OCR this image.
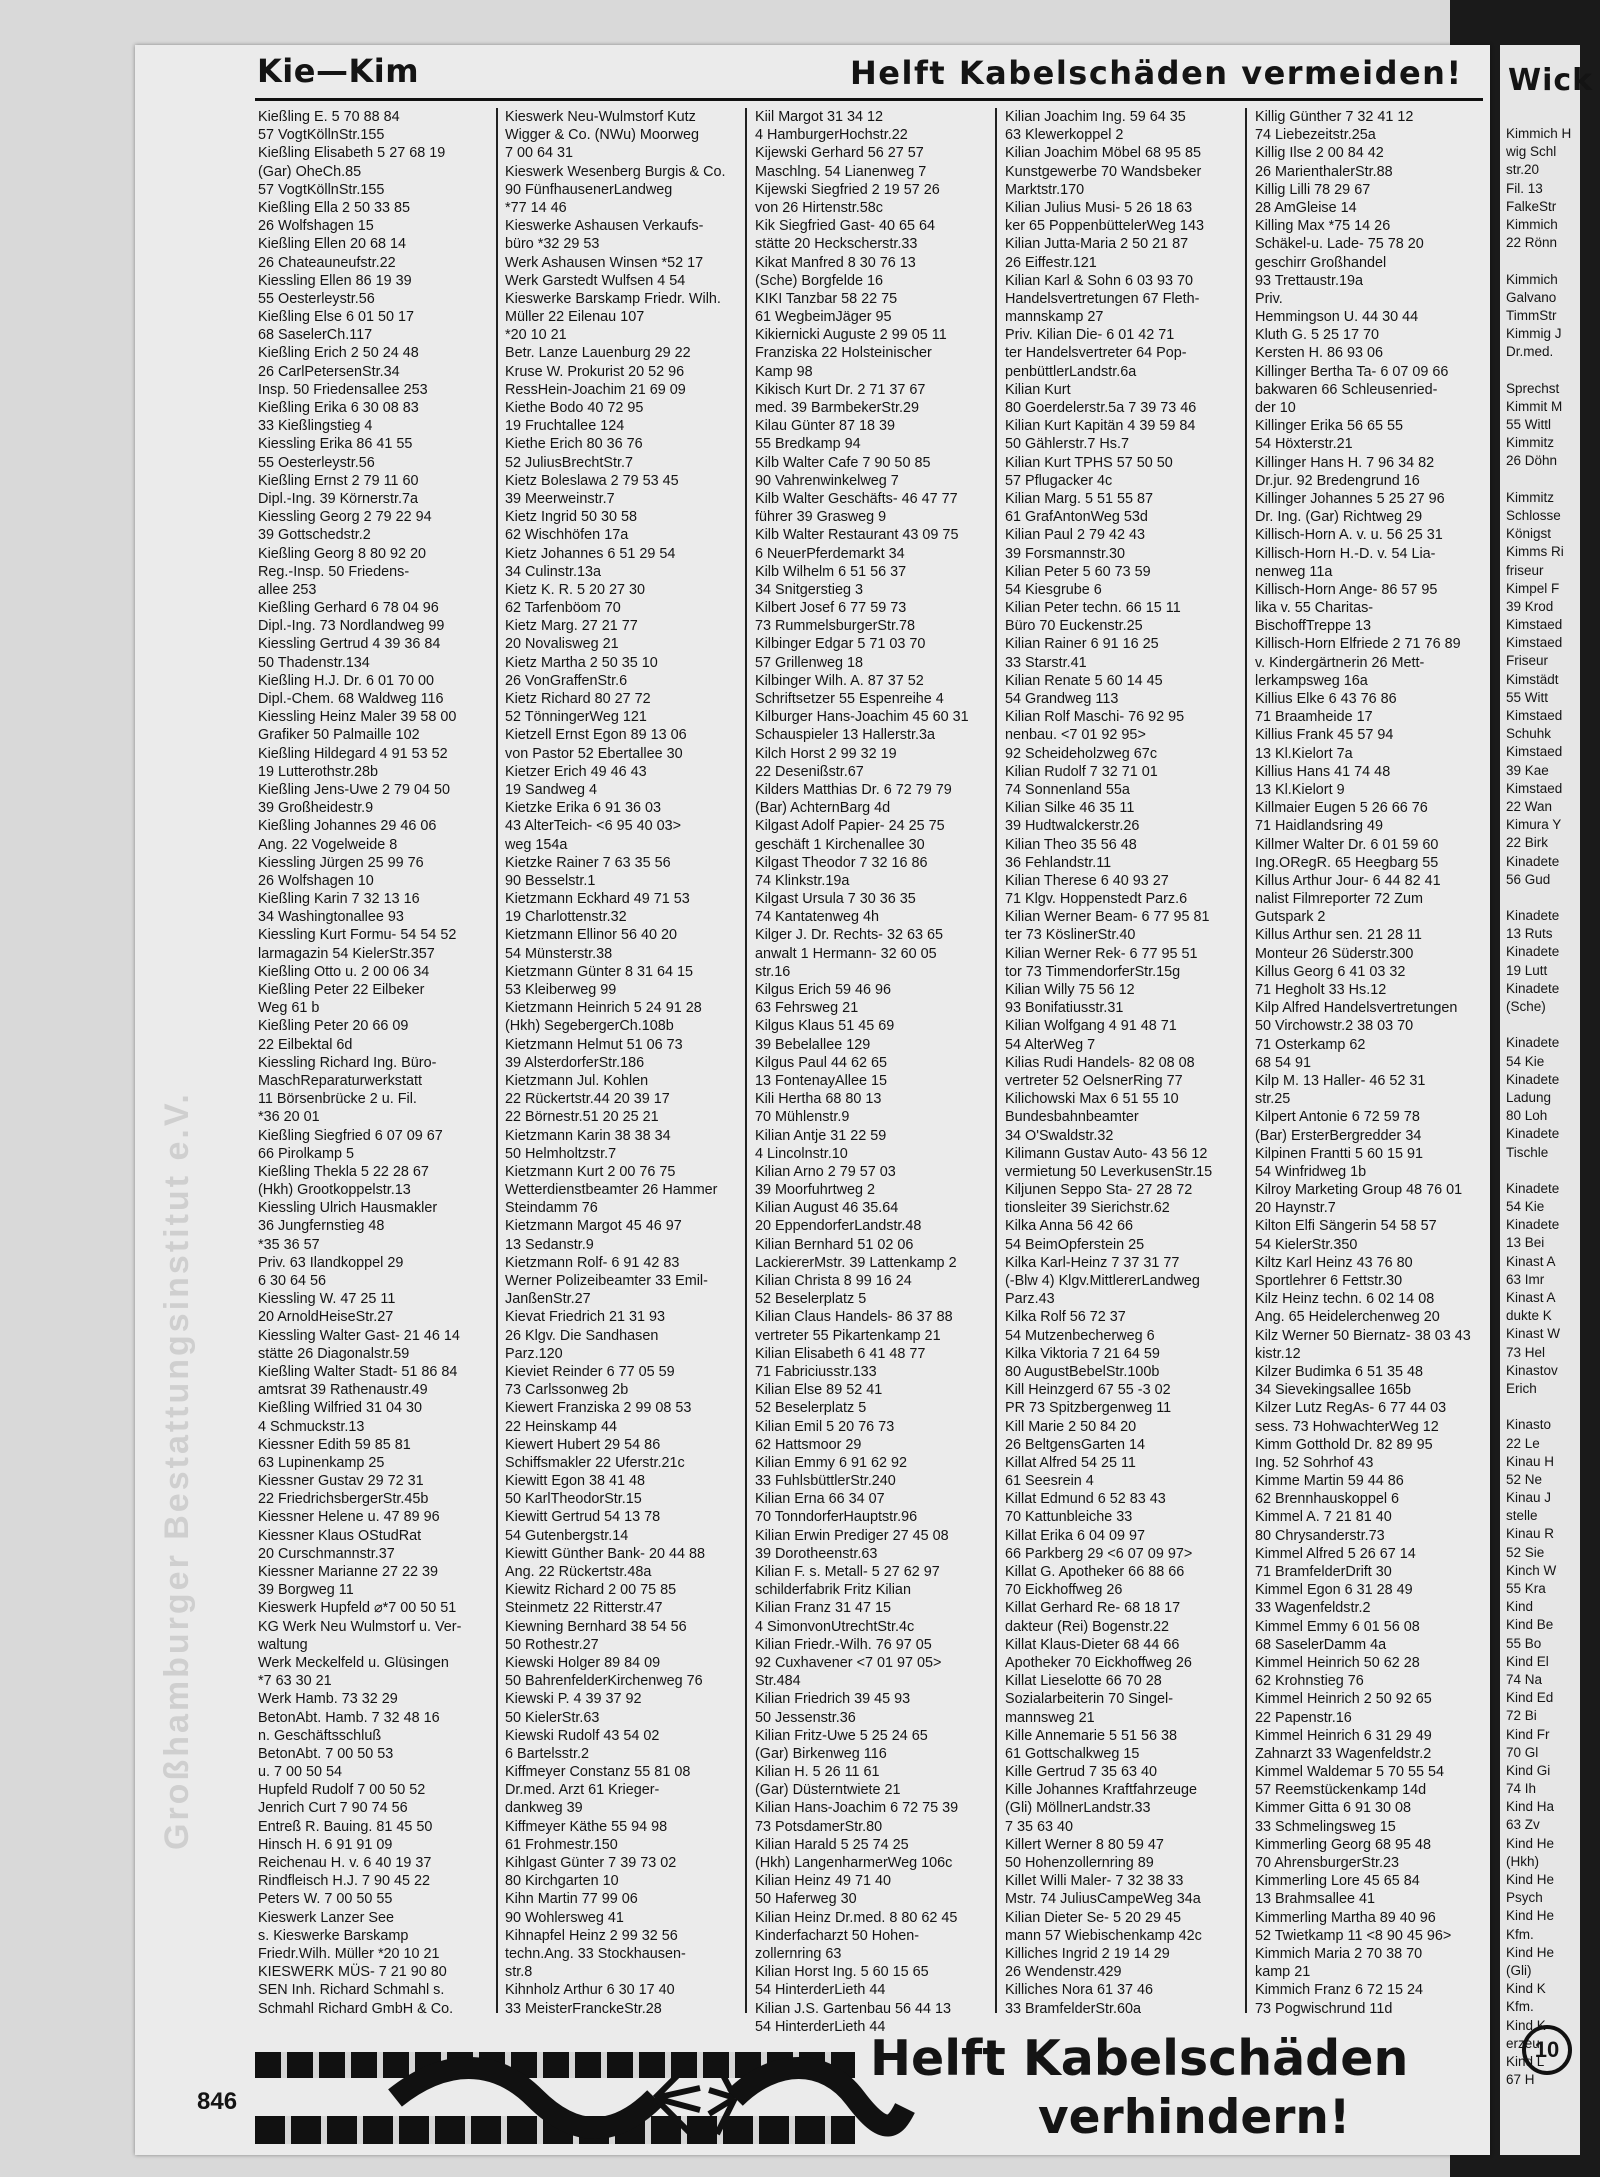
Wick
Kimmich H
wig Schl
str.20
Fil. 13
FalkeStr
Kimmich
22 Rönn
Kimmich
Galvano
TimmStr
Kimmig J
Dr.med.
Sprechst
Kimmit M
55 Wittl
Kimmitz
26 Döhn
Kimmitz
Schlosse
Königst
Kimms Ri
friseur
Kimpel F
39 Krod
Kimstaed
Kimstaed
Friseur
Kimstädt
55 Witt
Kimstaed
Schuhk
Kimstaed
39 Kae
Kimstaed
22 Wan
Kimura Y
22 Birk
Kinadete
56 Gud
Kinadete
13 Ruts
Kinadete
19 Lutt
Kinadete
(Sche)
Kinadete
54 Kie
Kinadete
Ladung
80 Loh
Kinadete
Tischle
Kinadete
54 Kie
Kinadete
13 Bei
Kinast A
63 Imr
Kinast A
dukte K
Kinast W
73 Hel
Kinastov
Erich
Kinasto
22 Le
Kinau H
52 Ne
Kinau J
stelle
Kinau R
52 Sie
Kinch W
55 Kra
Kind
Kind Be
55 Bo
Kind El
74 Na
Kind Ed
72 Bi
Kind Fr
70 Gl
Kind Gi
74 Ih
Kind Ha
63 Zv
Kind He
(Hkh)
Kind He
Psych
Kind He
Kfm.
Kind He
(Gli)
Kind K
Kfm.
Kind K
erzeu
Kind L
67 H
10
Kie—Kim	Helft Kabelschäden vermeiden!
Großhamburger Bestattungsinstitut e.V.
Kießling E. 5 70 88 84
57 VogtKöllnStr.155
Kießling Elisabeth 5 27 68 19
(Gar) OheCh.85
57 VogtKöllnStr.155
Kießling Ella 2 50 33 85
26 Wolfshagen 15
Kießling Ellen 20 68 14
26 Chateauneufstr.22
Kiessling Ellen 86 19 39
55 Oesterleystr.56
Kießling Else 6 01 50 17
68 SaselerCh.117
Kießling Erich 2 50 24 48
26 CarlPetersenStr.34
Insp. 50 Friedensallee 253
Kießling Erika 6 30 08 83
33 Kießlingstieg 4
Kiessling Erika 86 41 55
55 Oesterleystr.56
Kießling Ernst 2 79 11 60
Dipl.-Ing. 39 Körnerstr.7a
Kiessling Georg 2 79 22 94
39 Gottschedstr.2
Kießling Georg 8 80 92 20
Reg.-Insp. 50 Friedens-
allee 253
Kießling Gerhard 6 78 04 96
Dipl.-Ing. 73 Nordlandweg 99
Kiessling Gertrud 4 39 36 84
50 Thadenstr.134
Kießling H.J. Dr. 6 01 70 00
Dipl.-Chem. 68 Waldweg 116
Kiessling Heinz Maler 39 58 00
Grafiker 50 Palmaille 102
Kießling Hildegard 4 91 53 52
19 Lutterothstr.28b
Kießling Jens-Uwe 2 79 04 50
39 Großheidestr.9
Kießling Johannes 29 46 06
Ang. 22 Vogelweide 8
Kiessling Jürgen 25 99 76
26 Wolfshagen 10
Kießling Karin 7 32 13 16
34 Washingtonallee 93
Kiessling Kurt Formu- 54 54 52
larmagazin 54 KielerStr.357
Kießling Otto u. 2 00 06 34
Kießling Peter 22 Eilbeker
Weg 61 b
Kießling Peter 20 66 09
22 Eilbektal 6d
Kiessling Richard Ing. Büro-
MaschReparaturwerkstatt
11 Börsenbrücke 2 u. Fil.
*36 20 01
Kießling Siegfried 6 07 09 67
66 Pirolkamp 5
Kießling Thekla 5 22 28 67
(Hkh) Grootkoppelstr.13
Kiessling Ulrich Hausmakler
36 Jungfernstieg 48
*35 36 57
Priv. 63 Ilandkoppel 29
6 30 64 56
Kiessling W. 47 25 11
20 ArnoldHeiseStr.27
Kiessling Walter Gast- 21 46 14
stätte 26 Diagonalstr.59
Kießling Walter Stadt- 51 86 84
amtsrat 39 Rathenaustr.49
Kießling Wilfried 31 04 30
4 Schmuckstr.13
Kiessner Edith 59 85 81
63 Lupinenkamp 25
Kiessner Gustav 29 72 31
22 FriedrichsbergerStr.45b
Kiessner Helene u. 47 89 96
Kiessner Klaus OStudRat
20 Curschmannstr.37
Kiessner Marianne 27 22 39
39 Borgweg 11
Kieswerk Hupfeld ⌀*7 00 50 51
KG Werk Neu Wulmstorf u. Ver-
waltung
Werk Meckelfeld u. Glüsingen
*7 63 30 21
Werk Hamb. 73 32 29
BetonAbt. Hamb. 7 32 48 16
n. Geschäftsschluß
BetonAbt. 7 00 50 53
u. 7 00 50 54
Hupfeld Rudolf 7 00 50 52
Jenrich Curt 7 90 74 56
Entreß R. Bauing. 81 45 50
Hinsch H. 6 91 91 09
Reichenau H. v. 6 40 19 37
Rindfleisch H.J. 7 90 45 22
Peters W. 7 00 50 55
Kieswerk Lanzer See
s. Kieswerke Barskamp
Friedr.Wilh. Müller *20 10 21
KIESWERK MÜS- 7 21 90 80
SEN Inh. Richard Schmahl s.
Schmahl Richard GmbH & Co.
Kieswerk Neu-Wulmstorf Kutz
Wigger & Co. (NWu) Moorweg
7 00 64 31
Kieswerk Wesenberg Burgis & Co.
90 FünfhausenerLandweg
*77 14 46
Kieswerke Ashausen Verkaufs-
büro *32 29 53
Werk Ashausen Winsen *52 17
Werk Garstedt Wulfsen 4 54
Kieswerke Barskamp Friedr. Wilh.
Müller 22 Eilenau 107
*20 10 21
Betr. Lanze Lauenburg 29 22
Kruse W. Prokurist 20 52 96
RessHein-Joachim 21 69 09
Kiethe Bodo 40 72 95
19 Fruchtallee 124
Kiethe Erich 80 36 76
52 JuliusBrechtStr.7
Kietz Boleslawa 2 79 53 45
39 Meerweinstr.7
Kietz Ingrid 50 30 58
62 Wischhöfen 17a
Kietz Johannes 6 51 29 54
34 Culinstr.13a
Kietz K. R. 5 20 27 30
62 Tarfenböom 70
Kietz Marg. 27 21 77
20 Novalisweg 21
Kietz Martha 2 50 35 10
26 VonGraffenStr.6
Kietz Richard 80 27 72
52 TönningerWeg 121
Kietzell Ernst Egon 89 13 06
von Pastor 52 Ebertallee 30
Kietzer Erich 49 46 43
19 Sandweg 4
Kietzke Erika 6 91 36 03
43 AlterTeich- <6 95 40 03>
weg 154a
Kietzke Rainer 7 63 35 56
90 Besselstr.1
Kietzmann Eckhard 49 71 53
19 Charlottenstr.32
Kietzmann Ellinor 56 40 20
54 Münsterstr.38
Kietzmann Günter 8 31 64 15
53 Kleiberweg 99
Kietzmann Heinrich 5 24 91 28
(Hkh) SegebergerCh.108b
Kietzmann Helmut 51 06 73
39 AlsterdorferStr.186
Kietzmann Jul. Kohlen
22 Rückertstr.44 20 39 17
22 Börnestr.51 20 25 21
Kietzmann Karin 38 38 34
50 Helmholtzstr.7
Kietzmann Kurt 2 00 76 75
Wetterdienstbeamter 26 Hammer
Steindamm 76
Kietzmann Margot 45 46 97
13 Sedanstr.9
Kietzmann Rolf- 6 91 42 83
Werner Polizeibeamter 33 Emil-
JanßenStr.27
Kievat Friedrich 21 31 93
26 Klgv. Die Sandhasen
Parz.120
Kieviet Reinder 6 77 05 59
73 Carlssonweg 2b
Kiewert Franziska 2 99 08 53
22 Heinskamp 44
Kiewert Hubert 29 54 86
Schiffsmakler 22 Uferstr.21c
Kiewitt Egon 38 41 48
50 KarlTheodorStr.15
Kiewitt Gertrud 54 13 78
54 Gutenbergstr.14
Kiewitt Günther Bank- 20 44 88
Ang. 22 Rückertstr.48a
Kiewitz Richard 2 00 75 85
Steinmetz 22 Ritterstr.47
Kiewning Bernhard 38 54 56
50 Rothestr.27
Kiewski Holger 89 84 09
50 BahrenfelderKirchenweg 76
Kiewski P. 4 39 37 92
50 KielerStr.63
Kiewski Rudolf 43 54 02
6 Bartelsstr.2
Kiffmeyer Constanz 55 81 08
Dr.med. Arzt 61 Krieger-
dankweg 39
Kiffmeyer Käthe 55 94 98
61 Frohmestr.150
Kihlgast Günter 7 39 73 02
80 Kirchgarten 10
Kihn Martin 77 99 06
90 Wohlersweg 41
Kihnapfel Heinz 2 99 32 56
techn.Ang. 33 Stockhausen-
str.8
Kihnholz Arthur 6 30 17 40
33 MeisterFranckeStr.28
Kiil Margot 31 34 12
4 HamburgerHochstr.22
Kijewski Gerhard 56 27 57
Maschlng. 54 Lianenweg 7
Kijewski Siegfried 2 19 57 26
von 26 Hirtenstr.58c
Kik Siegfried Gast- 40 65 64
stätte 20 Heckscherstr.33
Kikat Manfred 8 30 76 13
(Sche) Borgfelde 16
KIKI Tanzbar 58 22 75
61 WegbeimJäger 95
Kikiernicki Auguste 2 99 05 11
Franziska 22 Holsteinischer
Kamp 98
Kikisch Kurt Dr. 2 71 37 67
med. 39 BarmbekerStr.29
Kilau Günter 87 18 39
55 Bredkamp 94
Kilb Walter Cafe 7 90 50 85
90 Vahrenwinkelweg 7
Kilb Walter Geschäfts- 46 47 77
führer 39 Grasweg 9
Kilb Walter Restaurant 43 09 75
6 NeuerPferdemarkt 34
Kilb Wilhelm 6 51 56 37
34 Snitgerstieg 3
Kilbert Josef 6 77 59 73
73 RummelsburgerStr.78
Kilbinger Edgar 5 71 03 70
57 Grillenweg 18
Kilbinger Wilh. A. 87 37 52
Schriftsetzer 55 Espenreihe 4
Kilburger Hans-Joachim 45 60 31
Schauspieler 13 Hallerstr.3a
Kilch Horst 2 99 32 19
22 Desenißstr.67
Kilders Matthias Dr. 6 72 79 79
(Bar) AchternBarg 4d
Kilgast Adolf Papier- 24 25 75
geschäft 1 Kirchenallee 30
Kilgast Theodor 7 32 16 86
74 Klinkstr.19a
Kilgast Ursula 7 30 36 35
74 Kantatenweg 4h
Kilger J. Dr. Rechts- 32 63 65
anwalt 1 Hermann- 32 60 05
str.16
Kilgus Erich 59 46 96
63 Fehrsweg 21
Kilgus Klaus 51 45 69
39 Bebelallee 129
Kilgus Paul 44 62 65
13 FontenayAllee 15
Kili Hertha 68 80 13
70 Mühlenstr.9
Kilian Antje 31 22 59
4 Lincolnstr.10
Kilian Arno 2 79 57 03
39 Moorfuhrtweg 2
Kilian August 46 35.64
20 EppendorferLandstr.48
Kilian Bernhard 51 02 06
LackiererMstr. 39 Lattenkamp 2
Kilian Christa 8 99 16 24
52 Beselerplatz 5
Kilian Claus Handels- 86 37 88
vertreter 55 Pikartenkamp 21
Kilian Elisabeth 6 41 48 77
71 Fabriciusstr.133
Kilian Else 89 52 41
52 Beselerplatz 5
Kilian Emil 5 20 76 73
62 Hattsmoor 29
Kilian Emmy 6 91 62 92
33 FuhlsbüttlerStr.240
Kilian Erna 66 34 07
70 TonndorferHauptstr.96
Kilian Erwin Prediger 27 45 08
39 Dorotheenstr.63
Kilian F. s. Metall- 5 27 62 97
schilderfabrik Fritz Kilian
Kilian Franz 31 47 15
4 SimonvonUtrechtStr.4c
Kilian Friedr.-Wilh. 76 97 05
92 Cuxhavener <7 01 97 05>
Str.484
Kilian Friedrich 39 45 93
50 Jessenstr.36
Kilian Fritz-Uwe 5 25 24 65
(Gar) Birkenweg 116
Kilian H. 5 26 11 61
(Gar) Düsterntwiete 21
Kilian Hans-Joachim 6 72 75 39
73 PotsdamerStr.80
Kilian Harald 5 25 74 25
(Hkh) LangenharmerWeg 106c
Kilian Heinz 49 71 40
50 Haferweg 30
Kilian Heinz Dr.med. 8 80 62 45
Kinderfacharzt 50 Hohen-
zollernring 63
Kilian Horst Ing. 5 60 15 65
54 HinterderLieth 44
Kilian J.S. Gartenbau 56 44 13
54 HinterderLieth 44
Kilian Joachim Ing. 59 64 35
63 Klewerkoppel 2
Kilian Joachim Möbel 68 95 85
Kunstgewerbe 70 Wandsbeker
Marktstr.170
Kilian Julius Musi- 5 26 18 63
ker 65 PoppenbüttelerWeg 143
Kilian Jutta-Maria 2 50 21 87
26 Eiffestr.121
Kilian Karl & Sohn 6 03 93 70
Handelsvertretungen 67 Fleth-
mannskamp 27
Priv. Kilian Die- 6 01 42 71
ter Handelsvertreter 64 Pop-
penbüttlerLandstr.6a
Kilian Kurt
80 Goerdelerstr.5a 7 39 73 46
Kilian Kurt Kapitän 4 39 59 84
50 Gählerstr.7 Hs.7
Kilian Kurt TPHS 57 50 50
57 Pflugacker 4c
Kilian Marg. 5 51 55 87
61 GrafAntonWeg 53d
Kilian Paul 2 79 42 43
39 Forsmannstr.30
Kilian Peter 5 60 73 59
54 Kiesgrube 6
Kilian Peter techn. 66 15 11
Büro 70 Euckenstr.25
Kilian Rainer 6 91 16 25
33 Starstr.41
Kilian Renate 5 60 14 45
54 Grandweg 113
Kilian Rolf Maschi- 76 92 95
nenbau. <7 01 92 95>
92 Scheideholzweg 67c
Kilian Rudolf 7 32 71 01
74 Sonnenland 55a
Kilian Silke 46 35 11
39 Hudtwalckerstr.26
Kilian Theo 35 56 48
36 Fehlandstr.11
Kilian Therese 6 40 93 27
71 Klgv. Hoppenstedt Parz.6
Kilian Werner Beam- 6 77 95 81
ter 73 KöslinerStr.40
Kilian Werner Rek- 6 77 95 51
tor 73 TimmendorferStr.15g
Kilian Willy 75 56 12
93 Bonifatiusstr.31
Kilian Wolfgang 4 91 48 71
54 AlterWeg 7
Kilias Rudi Handels- 82 08 08
vertreter 52 OelsnerRing 77
Kilichowski Max 6 51 55 10
Bundesbahnbeamter
34 O'Swaldstr.32
Kilimann Gustav Auto- 43 56 12
vermietung 50 LeverkusenStr.15
Kiljunen Seppo Sta- 27 28 72
tionsleiter 39 Sierichstr.62
Kilka Anna 56 42 66
54 BeimOpferstein 25
Kilka Karl-Heinz 7 37 31 77
(-Blw 4) Klgv.MittlererLandweg
Parz.43
Kilka Rolf 56 72 37
54 Mutzenbecherweg 6
Kilka Viktoria 7 21 64 59
80 AugustBebelStr.100b
Kill Heinzgerd 67 55 -3 02
PR 73 Spitzbergenweg 11
Kill Marie 2 50 84 20
26 BeltgensGarten 14
Killat Alfred 54 25 11
61 Seesrein 4
Killat Edmund 6 52 83 43
70 Kattunbleiche 33
Killat Erika 6 04 09 97
66 Parkberg 29 <6 07 09 97>
Killat G. Apotheker 66 88 66
70 Eickhoffweg 26
Killat Gerhard Re- 68 18 17
dakteur (Rei) Bogenstr.22
Killat Klaus-Dieter 68 44 66
Apotheker 70 Eickhoffweg 26
Killat Lieselotte 66 70 28
Sozialarbeiterin 70 Singel-
mannsweg 21
Kille Annemarie 5 51 56 38
61 Gottschalkweg 15
Kille Gertrud 7 35 63 40
Kille Johannes Kraftfahrzeuge
(Gli) MöllnerLandstr.33
7 35 63 40
Killert Werner 8 80 59 47
50 Hohenzollernring 89
Killet Willi Maler- 7 32 38 33
Mstr. 74 JuliusCampeWeg 34a
Kilian Dieter Se- 5 20 29 45
mann 57 Wiebischenkamp 42c
Killiches Ingrid 2 19 14 29
26 Wendenstr.429
Killiches Nora 61 37 46
33 BramfelderStr.60a
Killig Günther 7 32 41 12
74 Liebezeitstr.25a
Killig Ilse 2 00 84 42
26 MarienthalerStr.88
Killig Lilli 78 29 67
28 AmGleise 14
Killing Max *75 14 26
Schäkel-u. Lade- 75 78 20
geschirr Großhandel
93 Trettaustr.19a
Priv.
Hemmingson U. 44 30 44
Kluth G. 5 25 17 70
Kersten H. 86 93 06
Killinger Bertha Ta- 6 07 09 66
bakwaren 66 Schleusenried-
der 10
Killinger Erika 56 65 55
54 Höxterstr.21
Killinger Hans H. 7 96 34 82
Dr.jur. 92 Bredengrund 16
Killinger Johannes 5 25 27 96
Dr. Ing. (Gar) Richtweg 29
Killisch-Horn A. v. u. 56 25 31
Killisch-Horn H.-D. v. 54 Lia-
nenweg 11a
Killisch-Horn Ange- 86 57 95
lika v. 55 Charitas-
BischoffTreppe 13
Killisch-Horn Elfriede 2 71 76 89
v. Kindergärtnerin 26 Mett-
lerkampsweg 16a
Killius Elke 6 43 76 86
71 Braamheide 17
Killius Frank 45 57 94
13 Kl.Kielort 7a
Killius Hans 41 74 48
13 Kl.Kielort 9
Killmaier Eugen 5 26 66 76
71 Haidlandsring 49
Killmer Walter Dr. 6 01 59 60
Ing.ORegR. 65 Heegbarg 55
Killus Arthur Jour- 6 44 82 41
nalist Filmreporter 72 Zum
Gutspark 2
Killus Arthur sen. 21 28 11
Monteur 26 Süderstr.300
Killus Georg 6 41 03 32
71 Hegholt 33 Hs.12
Kilp Alfred Handelsvertretungen
50 Virchowstr.2 38 03 70
71 Osterkamp 62
68 54 91
Kilp M. 13 Haller- 46 52 31
str.25
Kilpert Antonie 6 72 59 78
(Bar) ErsterBergredder 34
Kilpinen Frantti 5 60 15 91
54 Winfridweg 1b
Kilroy Marketing Group 48 76 01
20 Haynstr.7
Kilton Elfi Sängerin 54 58 57
54 KielerStr.350
Kiltz Karl Heinz 43 76 80
Sportlehrer 6 Fettstr.30
Kilz Heinz techn. 6 02 14 08
Ang. 65 Heidelerchenweg 20
Kilz Werner 50 Biernatz- 38 03 43
kistr.12
Kilzer Budimka 6 51 35 48
34 Sievekingsallee 165b
Kilzer Lutz RegAs- 6 77 44 03
sess. 73 HohwachterWeg 12
Kimm Gotthold Dr. 82 89 95
Ing. 52 Sohrhof 43
Kimme Martin 59 44 86
62 Brennhauskoppel 6
Kimmel A. 7 21 81 40
80 Chrysanderstr.73
Kimmel Alfred 5 26 67 14
71 BramfelderDrift 30
Kimmel Egon 6 31 28 49
33 Wagenfeldstr.2
Kimmel Emmy 6 01 56 08
68 SaselerDamm 4a
Kimmel Heinrich 50 62 28
62 Krohnstieg 76
Kimmel Heinrich 2 50 92 65
22 Papenstr.16
Kimmel Heinrich 6 31 29 49
Zahnarzt 33 Wagenfeldstr.2
Kimmel Waldemar 5 70 55 54
57 Reemstückenkamp 14d
Kimmer Gitta 6 91 30 08
33 Schmelingsweg 15
Kimmerling Georg 68 95 48
70 AhrensburgerStr.23
Kimmerling Lore 45 65 84
13 Brahmsallee 41
Kimmerling Martha 89 40 96
52 Twietkamp 11 <8 90 45 96>
Kimmich Maria 2 70 38 70
kamp 21
Kimmich Franz 6 72 15 24
73 Pogwischrund 11d
Helft Kabelschäden
verhindern!
846
